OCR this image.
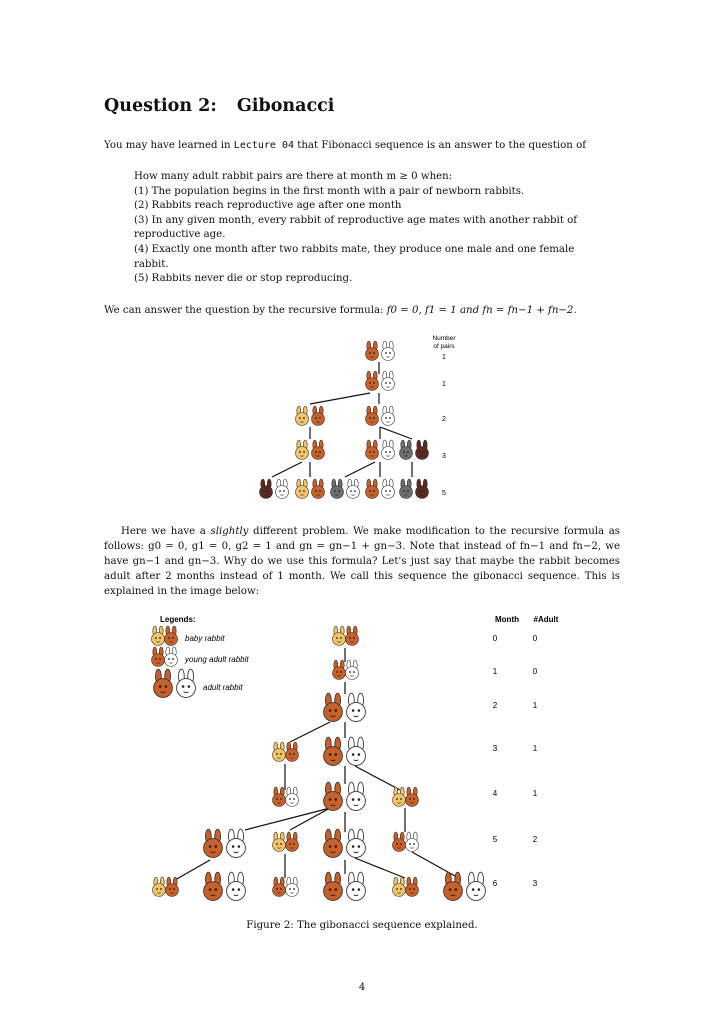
Question 2: Gibonacci
You may have learned in Lecture 04 that Fibonacci sequence is an answer to the question of
How many adult rabbit pairs are there at month m ≥ 0 when:
(1) The population begins in the first month with a pair of newborn rabbits.
(2) Rabbits reach reproductive age after one month
(3) In any given month, every rabbit of reproductive age mates with another rabbit of reproductive age.
(4) Exactly one month after two rabbits mate, they produce one male and one female rabbit.
(5) Rabbits never die or stop reproducing.
We can answer the question by the recursive formula: f0 = 0, f1 = 1 and fn = fn−1 + fn−2.
Number
of pairs
1
1
2
3
5
Legends:
baby rabbit
young adult rabbit
adult rabbit
Month #Adult
0	0
1	0
2	1
3	1
4	1
5	2
6	3
Here we have a slightly different problem. We make modification to the recursive formula as follows: g0 = 0, g1 = 0, g2 = 1 and gn = gn−1 + gn−3. Note that instead of fn−1 and fn−2, we have gn−1 and gn−3. Why do we use this formula? Let's just say that maybe the rabbit becomes adult after 2 months instead of 1 month. We call this sequence the gibonacci sequence. This is explained in the image below:
Figure 2: The gibonacci sequence explained.
4
